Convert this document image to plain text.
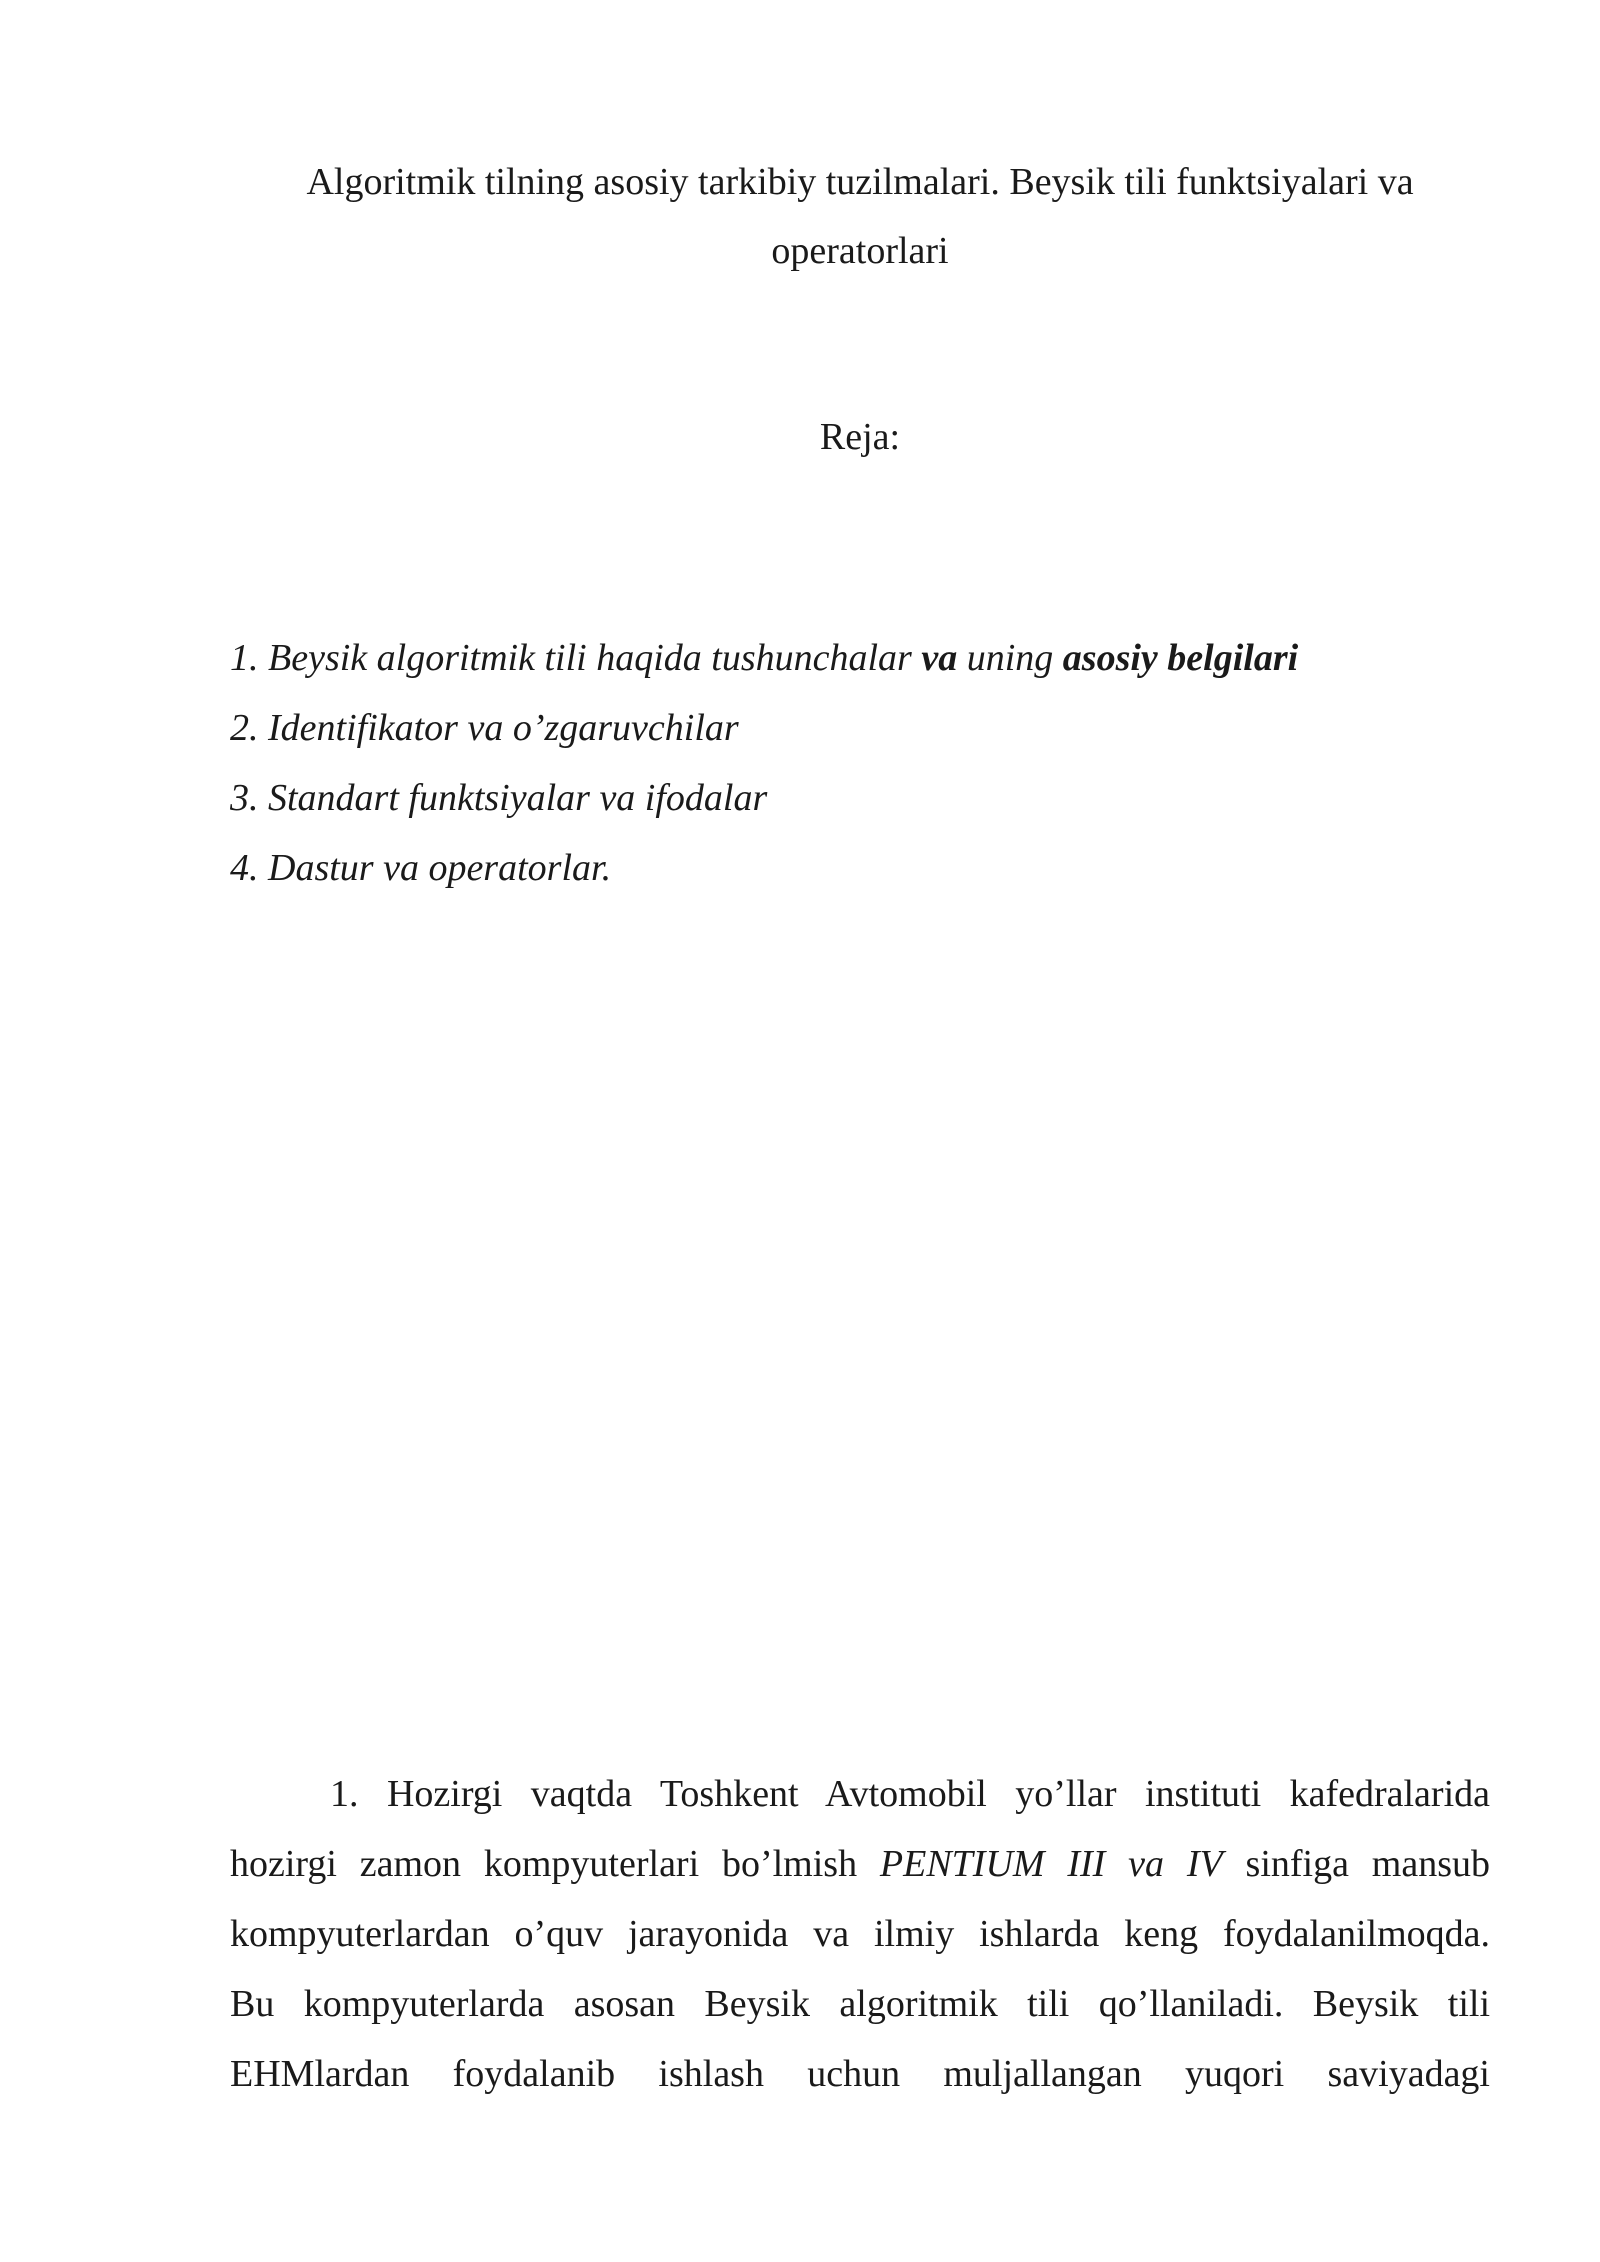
Algoritmik tilning asosiy tarkibiy tuzilmalari. Beysik tili funktsiyalari va
operatorlari
Reja:
1. Beysik algoritmik tili haqida tushunchalar va uning asosiy belgilari
2. Identifikator va o’zgaruvchilar
3. Standart funktsiyalar va ifodalar
4. Dastur va operatorlar.
1. Hozirgi vaqtda Toshkent Avtomobil yo’llar instituti kafedralarida
hozirgi zamon kompyuterlari bo’lmish PENTIUM III va IV sinfiga mansub
kompyuterlardan o’quv jarayonida va ilmiy ishlarda keng foydalanilmoqda.
Bu kompyuterlarda asosan Beysik algoritmik tili qo’llaniladi. Beysik tili
EHMlardan foydalanib ishlash uchun muljallangan yuqori saviyadagi
